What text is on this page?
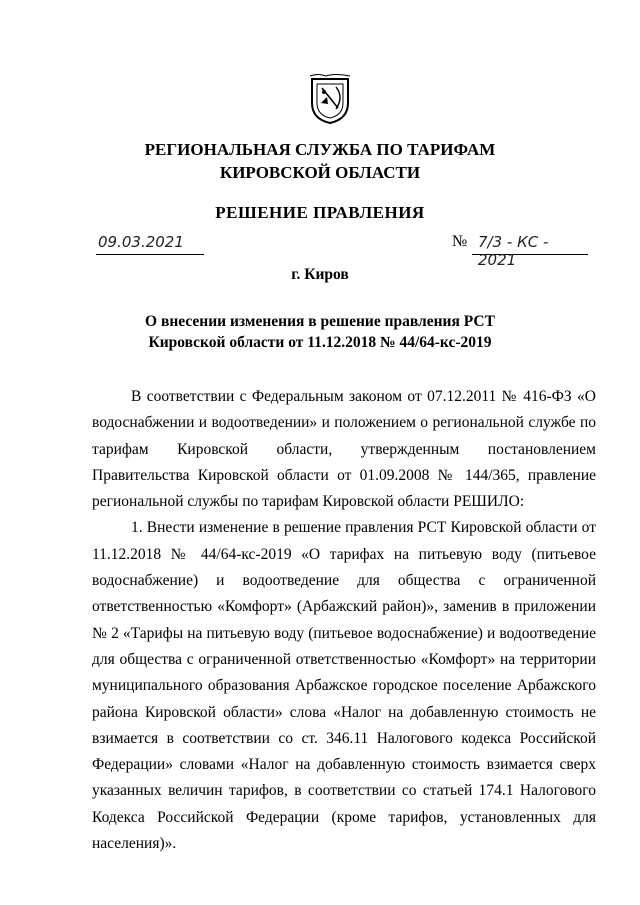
РЕГИОНАЛЬНАЯ СЛУЖБА ПО ТАРИФАМ
КИРОВСКОЙ ОБЛАСТИ
РЕШЕНИЕ ПРАВЛЕНИЯ
09.03.2021	№ 7/3 - КС - 2021
г. Киров
О внесении изменения в решение правления РСТ Кировской области от 11.12.2018 № 44/64-кс-2019

В соответствии с Федеральным законом от 07.12.2011 № 416-ФЗ «О водоснабжении и водоотведении» и положением о региональной службе по тарифам Кировской области, утвержденным постановлением Правительства Кировской области от 01.09.2008 № 144/365, правление региональной службы по тарифам Кировской области РЕШИЛО:

1. Внести изменение в решение правления РСТ Кировской области от 11.12.2018 № 44/64-кс-2019 «О тарифах на питьевую воду (питьевое водоснабжение) и водоотведение для общества с ограниченной ответственностью «Комфорт» (Арбажский район)», заменив в приложении № 2 «Тарифы на питьевую воду (питьевое водоснабжение) и водоотведение для общества с ограниченной ответственностью «Комфорт» на территории муниципального образования Арбажское городское поселение Арбажского района Кировской области» слова «Налог на добавленную стоимость не взимается в соответствии со ст. 346.11 Налогового кодекса Российской Федерации» словами «Налог на добавленную стоимость взимается сверх указанных величин тарифов, в соответствии со статьей 174.1 Налогового Кодекса Российской Федерации (кроме тарифов, установленных для населения)».
